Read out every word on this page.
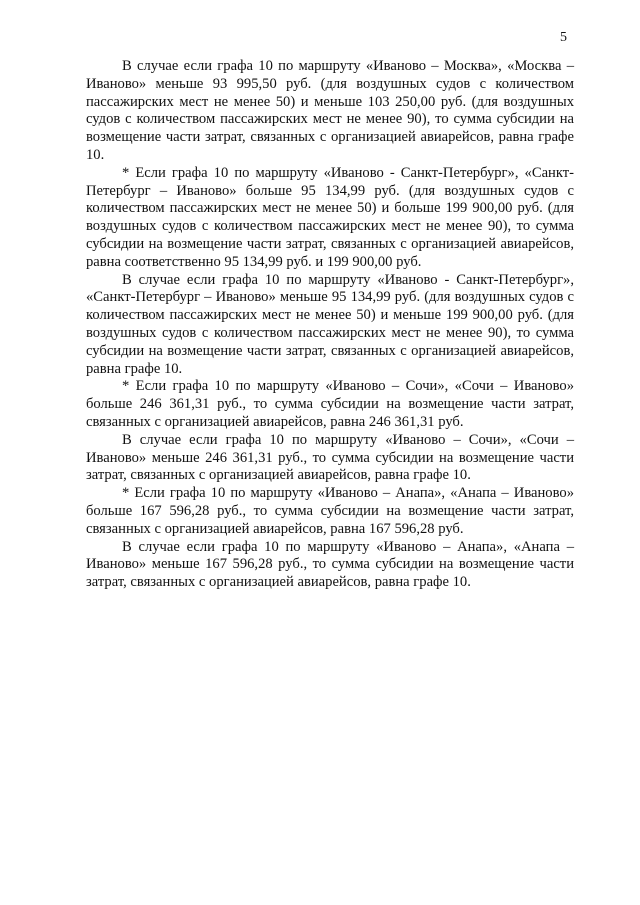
5

В случае если графа 10 по маршруту «Иваново – Москва», «Москва – Иваново» меньше 93 995,50 руб. (для воздушных судов с количеством пассажирских мест не менее 50) и меньше 103 250,00 руб. (для воздушных судов с количеством пассажирских мест не менее 90), то сумма субсидии на возмещение части затрат, связанных с организацией авиарейсов, равна графе 10.

* Если графа 10 по маршруту «Иваново - Санкт-Петербург», «Санкт-Петербург – Иваново» больше 95 134,99 руб. (для воздушных судов с количеством пассажирских мест не менее 50) и больше 199 900,00 руб. (для воздушных судов с количеством пассажирских мест не менее 90), то сумма субсидии на возмещение части затрат, связанных с организацией авиарейсов, равна соответственно 95 134,99 руб. и 199 900,00 руб.

В случае если графа 10 по маршруту «Иваново - Санкт-Петербург», «Санкт-Петербург – Иваново» меньше 95 134,99 руб. (для воздушных судов с количеством пассажирских мест не менее 50) и меньше 199 900,00 руб. (для воздушных судов с количеством пассажирских мест не менее 90), то сумма субсидии на возмещение части затрат, связанных с организацией авиарейсов, равна графе 10.

* Если графа 10 по маршруту «Иваново – Сочи», «Сочи – Иваново» больше 246 361,31 руб., то сумма субсидии на возмещение части затрат, связанных с организацией авиарейсов, равна 246 361,31 руб.

В случае если графа 10 по маршруту «Иваново – Сочи», «Сочи – Иваново» меньше 246 361,31 руб., то сумма субсидии на возмещение части затрат, связанных с организацией авиарейсов, равна графе 10.

* Если графа 10 по маршруту «Иваново – Анапа», «Анапа – Иваново» больше 167 596,28 руб., то сумма субсидии на возмещение части затрат, связанных с организацией авиарейсов, равна 167 596,28 руб.

В случае если графа 10 по маршруту «Иваново – Анапа», «Анапа – Иваново» меньше 167 596,28 руб., то сумма субсидии на возмещение части затрат, связанных с организацией авиарейсов, равна графе 10.
